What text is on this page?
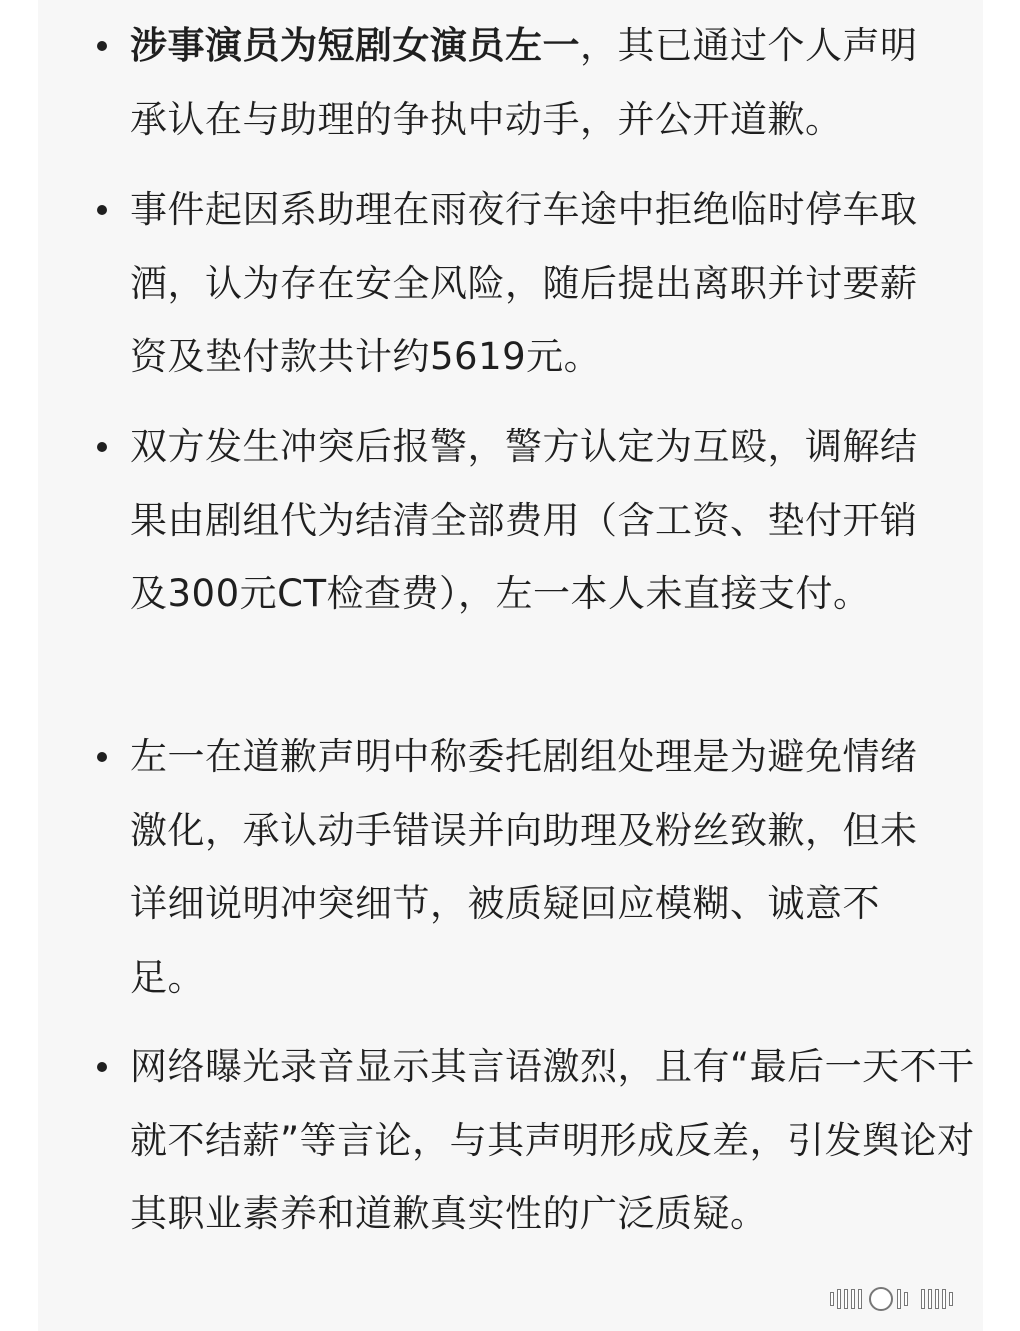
涉事演员为短剧女演员左一，其已通过个人声明承认在与助理的争执中动手，并公开道歉。
事件起因系助理在雨夜行车途中拒绝临时停车取酒，认为存在安全风险，随后提出离职并讨要薪资及垫付款共计约5619元。
双方发生冲突后报警，警方认定为互殴，调解结果由剧组代为结清全部费用（含工资、垫付开销及300元CT检查费），左一本人未直接支付。
左一在道歉声明中称委托剧组处理是为避免情绪激化，承认动手错误并向助理及粉丝致歉，但未详细说明冲突细节，被质疑回应模糊、诚意不足。
网络曝光录音显示其言语激烈，且有“最后一天不干就不结薪”等言论，与其声明形成反差，引发舆论对其职业素养和道歉真实性的广泛质疑。
